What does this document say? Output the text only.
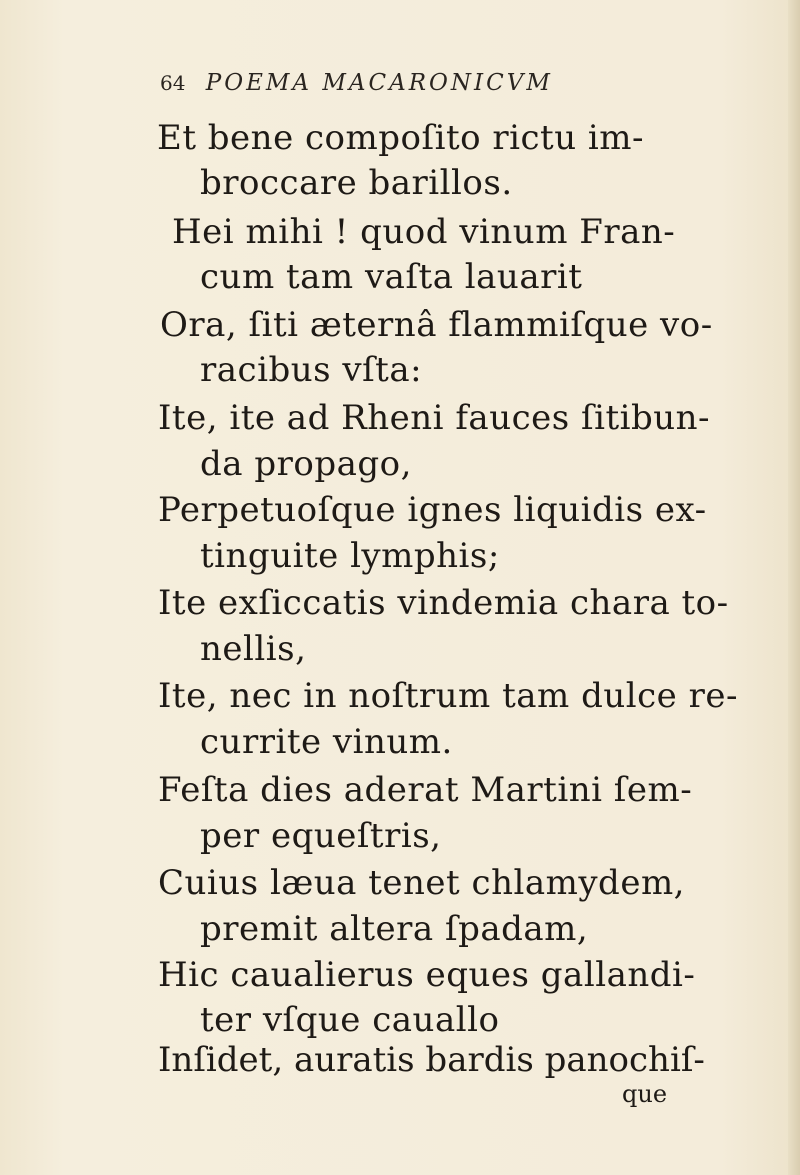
64 POEMA MACARONICVM
Et bene compoſito rictu im-
broccare barillos.
Hei mihi ! quod vinum Fran-
cum tam vaſta lauarit
Ora, ſiti æternâ flammiſque vo-
racibus vſta:
Ite, ite ad Rheni fauces ſitibun-
da propago,
Perpetuoſque ignes liquidis ex-
tinguite lymphis;
Ite exſiccatis vindemia chara to-
nellis,
Ite, nec in noſtrum tam dulce re-
currite vinum.
Feſta dies aderat Martini ſem-
per equeſtris,
Cuius læua tenet chlamydem,
premit altera ſpadam,
Hic caualierus eques gallandi-
ter vſque cauallo
Inſidet, auratis bardis panochiſ-
que
